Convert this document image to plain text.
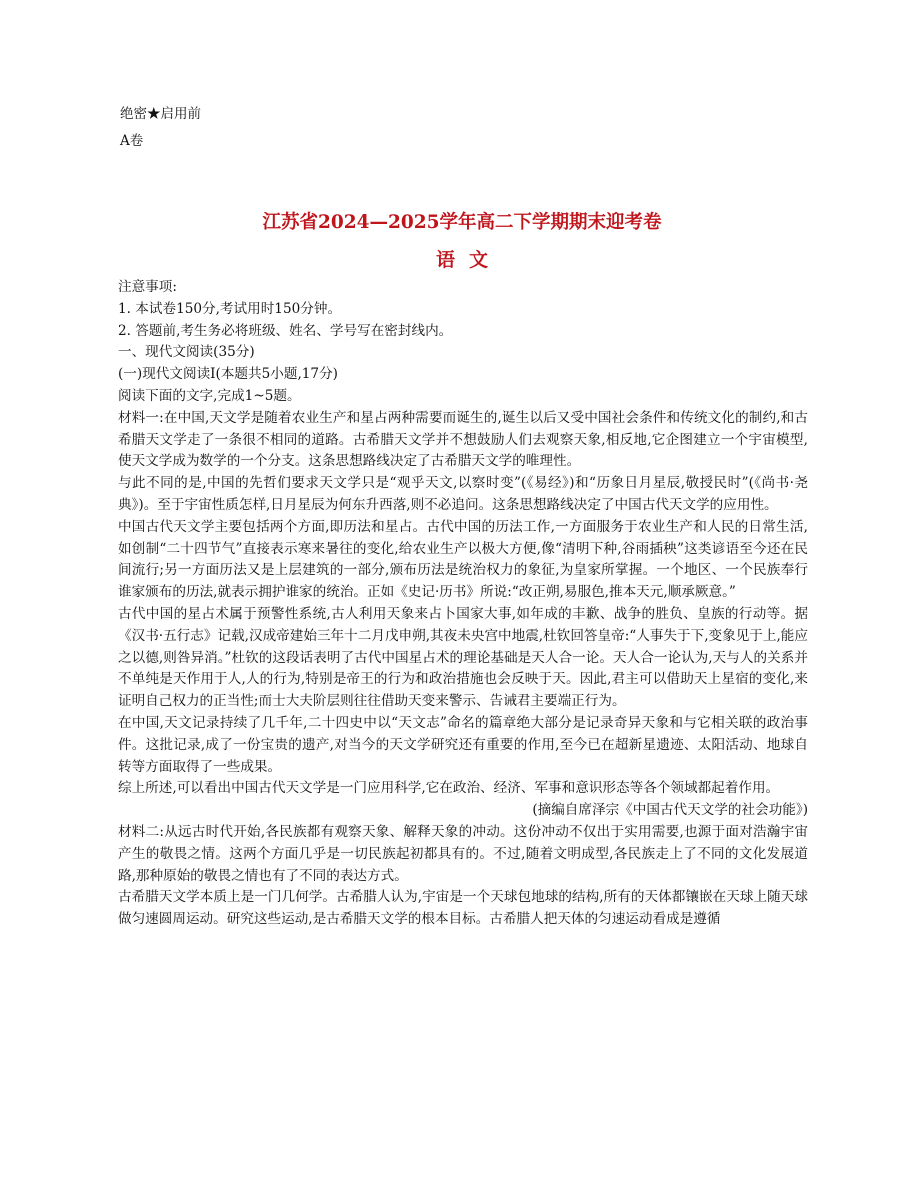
绝密★启用前
A卷
江苏省2024—2025学年高二下学期期末迎考卷
语文

注意事项:

1. 本试卷150分,考试用时150分钟。

2. 答题前,考生务必将班级、姓名、学号写在密封线内。

一、现代文阅读(35分)

(一)现代文阅读Ⅰ(本题共5小题,17分)

阅读下面的文字,完成1~5题。

材料一:在中国,天文学是随着农业生产和星占两种需要而诞生的,诞生以后又受中国社会条件和传统文化的制约,和古希腊天文学走了一条很不相同的道路。古希腊天文学并不想鼓励人们去观察天象,相反地,它企图建立一个宇宙模型,使天文学成为数学的一个分支。这条思想路线决定了古希腊天文学的唯理性。

与此不同的是,中国的先哲们要求天文学只是“观乎天文,以察时变”(《易经》)和“历象日月星辰,敬授民时”(《尚书·尧典》)。至于宇宙性质怎样,日月星辰为何东升西落,则不必追问。这条思想路线决定了中国古代天文学的应用性。

中国古代天文学主要包括两个方面,即历法和星占。古代中国的历法工作,一方面服务于农业生产和人民的日常生活,如创制“二十四节气”直接表示寒来暑往的变化,给农业生产以极大方便,像“清明下种,谷雨插秧”这类谚语至今还在民间流行;另一方面历法又是上层建筑的一部分,颁布历法是统治权力的象征,为皇家所掌握。一个地区、一个民族奉行谁家颁布的历法,就表示拥护谁家的统治。正如《史记·历书》所说:“改正朔,易服色,推本天元,顺承厥意。”

古代中国的星占术属于预警性系统,古人利用天象来占卜国家大事,如年成的丰歉、战争的胜负、皇族的行动等。据《汉书·五行志》记载,汉成帝建始三年十二月戊申朔,其夜未央宫中地震,杜钦回答皇帝:“人事失于下,变象见于上,能应之以德,则咎异消。”杜钦的这段话表明了古代中国星占术的理论基础是天人合一论。天人合一论认为,天与人的关系并不单纯是天作用于人,人的行为,特别是帝王的行为和政治措施也会反映于天。因此,君主可以借助天上星宿的变化,来证明自己权力的正当性;而士大夫阶层则往往借助天变来警示、告诫君主要端正行为。

在中国,天文记录持续了几千年,二十四史中以“天文志”命名的篇章绝大部分是记录奇异天象和与它相关联的政治事件。这批记录,成了一份宝贵的遗产,对当今的天文学研究还有重要的作用,至今已在超新星遗迹、太阳活动、地球自转等方面取得了一些成果。

综上所述,可以看出中国古代天文学是一门应用科学,它在政治、经济、军事和意识形态等各个领域都起着作用。

(摘编自席泽宗《中国古代天文学的社会功能》)

材料二:从远古时代开始,各民族都有观察天象、解释天象的冲动。这份冲动不仅出于实用需要,也源于面对浩瀚宇宙产生的敬畏之情。这两个方面几乎是一切民族起初都具有的。不过,随着文明成型,各民族走上了不同的文化发展道路,那种原始的敬畏之情也有了不同的表达方式。

古希腊天文学本质上是一门几何学。古希腊人认为,宇宙是一个天球包地球的结构,所有的天体都镶嵌在天球上随天球做匀速圆周运动。研究这些运动,是古希腊天文学的根本目标。古希腊人把天体的匀速运动看成是遵循
